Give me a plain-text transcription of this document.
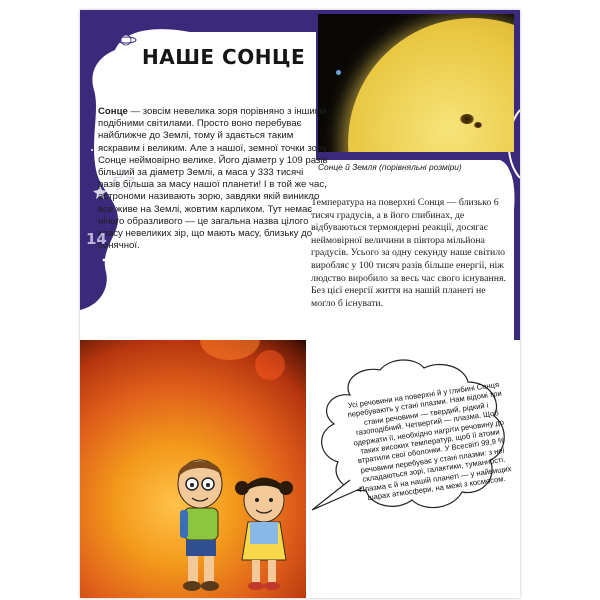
НАШЕ СОНЦЕ

Сонце — зовсім невелика зоря порівняно з іншими подібними світилами. Просто воно перебуває найближче до Землі, тому й здається таким яскравим і великим. Але з нашої, земної точки зору Сонце неймовірно велике. Його діаметр у 109 разів більший за діаметр Землі, а маса у 333 тисячі разів більша за масу нашої планети! І в той же час, астрономи називають зорю, завдяки якій виникло все живе на Землі, жовтим карликом. Тут немає нічого образливого — це загальна назва цілого класу невеликих зір, що мають масу, близьку до сонячної.

Сонце й Земля (порівняльні розміри)

14

Температура на поверхні Сонця — близько 6 тисяч градусів, а в його глибинах, де відбуваються термоядерні реакції, досягає неймовірної величини в півтора мільйона градусів. Усього за одну секунду наше світило виробляє у 100 тисяч разів більше енергії, ніж людство виробило за весь час свого існування. Без цієї енергії життя на нашій планеті не могло б існувати.

Усі речовини на поверхні й у глибині Сонця перебувають у стані плазми. Нам відомі три стани речовини — твердий, рідкий і газоподібний. Четвертий — плазма. Щоб одержати її, необхідно нагріти речовину до таких високих температур, щоб її атоми втратили свої оболонки. У Всесвіті 99,9 % речовини перебуває у стані плазми: з неї складаються зорі, галактики, туманності. Плазма є й на нашій планеті — у найвищих шарах атмосфери, на межі з космосом.
